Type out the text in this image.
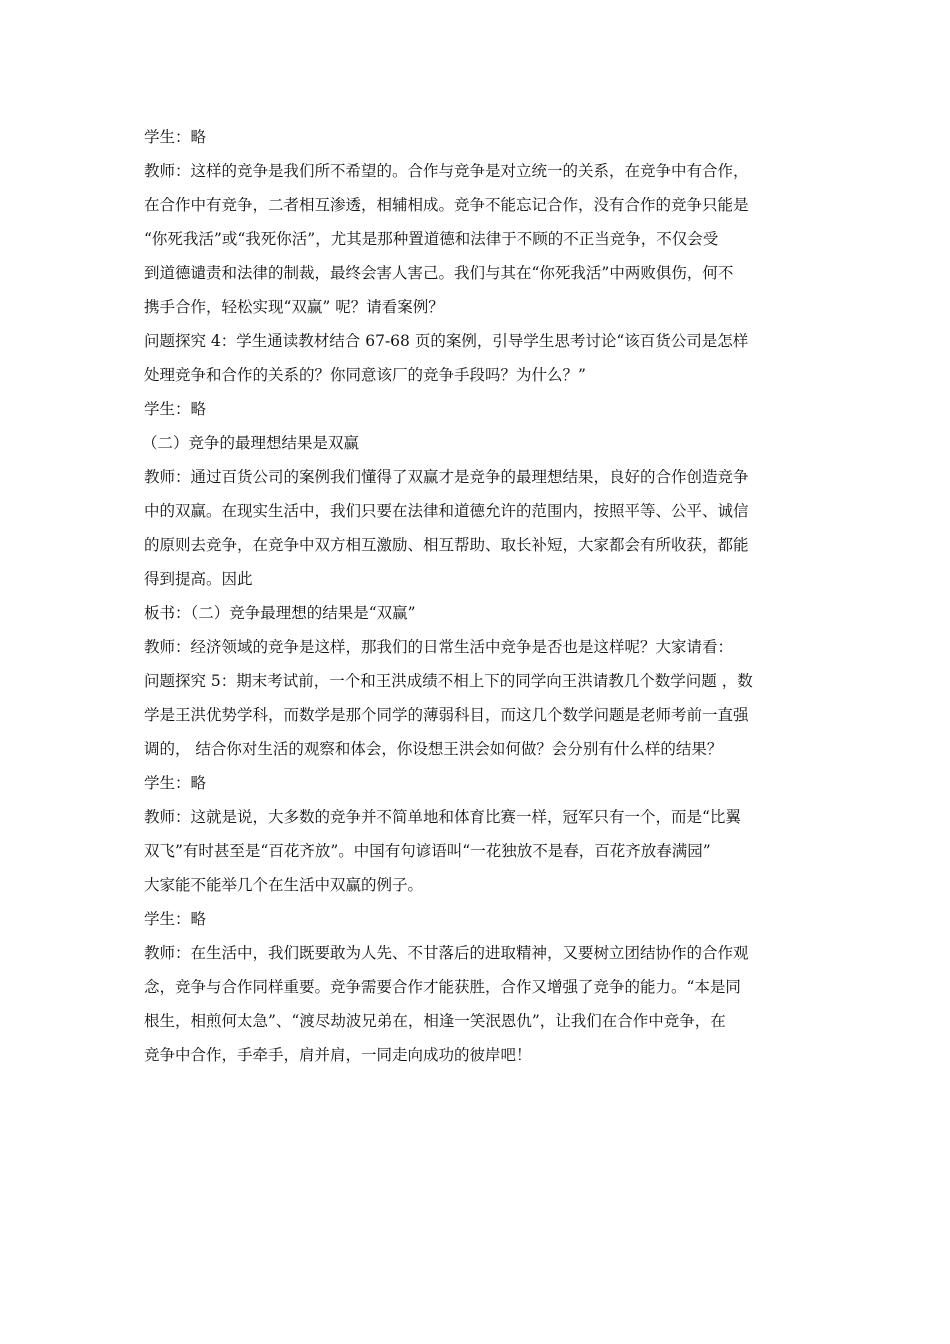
学生：略

教师：这样的竞争是我们所不希望的。合作与竞争是对立统一的关系，在竞争中有合作，
在合作中有竞争，二者相互渗透，相辅相成。竞争不能忘记合作，没有合作的竞争只能是
“你死我活”或“我死你活”，尤其是那种置道德和法律于不顾的不正当竞争，不仅会受
到道德谴责和法律的制裁，最终会害人害己。我们与其在“你死我活”中两败俱伤，何不
携手合作，轻松实现“双赢” 呢？请看案例？

问题探究 4：学生通读教材结合 67-68 页的案例，引导学生思考讨论“该百货公司是怎样
处理竞争和合作的关系的？你同意该厂的竞争手段吗？为什么？”

学生：略

（二）竞争的最理想结果是双赢

教师：通过百货公司的案例我们懂得了双赢才是竞争的最理想结果，良好的合作创造竞争
中的双赢。在现实生活中，我们只要在法律和道德允许的范围内，按照平等、公平、诚信
的原则去竞争，在竞争中双方相互激励、相互帮助、取长补短，大家都会有所收获，都能
得到提高。因此

板书：（二）竞争最理想的结果是“双赢”

教师：经济领域的竞争是这样，那我们的日常生活中竞争是否也是这样呢？大家请看：

问题探究 5：期末考试前，一个和王洪成绩不相上下的同学向王洪请教几个数学问题 ，数
学是王洪优势学科，而数学是那个同学的薄弱科目，而这几个数学问题是老师考前一直强
调的， 结合你对生活的观察和体会，你设想王洪会如何做？会分别有什么样的结果？

学生：略

教师：这就是说，大多数的竞争并不简单地和体育比赛一样，冠军只有一个，而是“比翼
双飞”有时甚至是“百花齐放”。中国有句谚语叫“一花独放不是春，百花齐放春满园”
大家能不能举几个在生活中双赢的例子。

学生：略

教师：在生活中，我们既要敢为人先、不甘落后的进取精神，又要树立团结协作的合作观
念，竞争与合作同样重要。竞争需要合作才能获胜，合作又增强了竞争的能力。“本是同
根生，相煎何太急”、“渡尽劫波兄弟在，相逢一笑泯恩仇”，让我们在合作中竞争，在
竞争中合作，手牵手，肩并肩，一同走向成功的彼岸吧！
